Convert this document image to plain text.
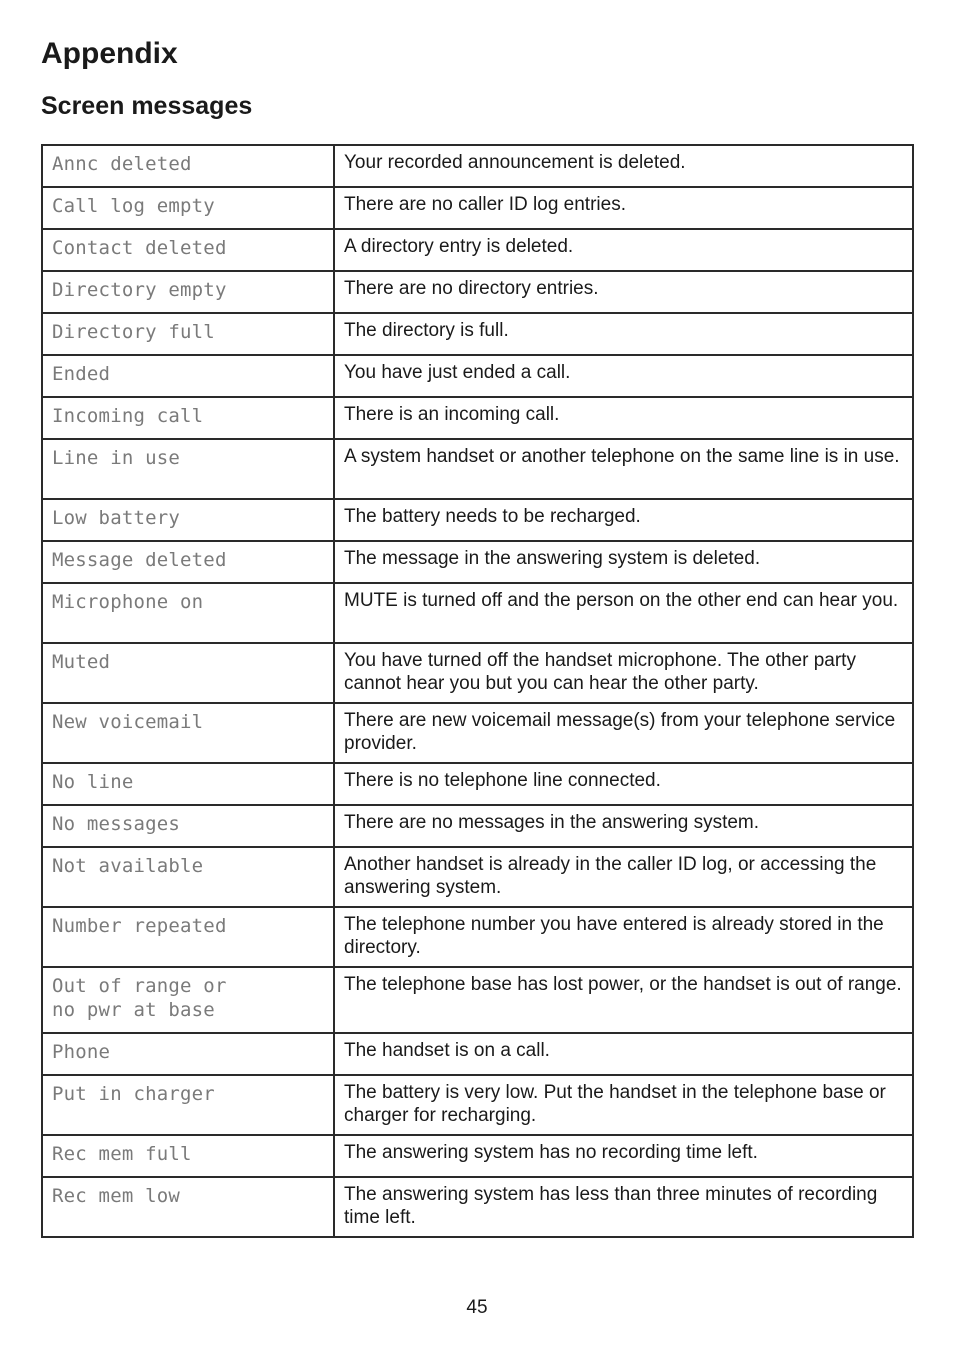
Appendix
Screen messages
Annc deleted	Your recorded announcement is deleted.
Call log empty	There are no caller ID log entries.
Contact deleted	A directory entry is deleted.
Directory empty	There are no directory entries.
Directory full	The directory is full.
Ended	You have just ended a call.
Incoming call	There is an incoming call.
Line in use	A system handset or another telephone on the same line is in use.
Low battery	The battery needs to be recharged.
Message deleted	The message in the answering system is deleted.
Microphone on	MUTE is turned off and the person on the other end can hear you.
Muted	You have turned off the handset microphone. The other party cannot hear you but you can hear the other party.
New voicemail	There are new voicemail message(s) from your telephone service provider.
No line	There is no telephone line connected.
No messages	There are no messages in the answering system.
Not available	Another handset is already in the caller ID log, or accessing the answering system.
Number repeated	The telephone number you have entered is already stored in the directory.
Out of range or
no pwr at base	The telephone base has lost power, or the handset is out of range.
Phone	The handset is on a call.
Put in charger	The battery is very low. Put the handset in the telephone base or charger for recharging.
Rec mem full	The answering system has no recording time left.
Rec mem low	The answering system has less than three minutes of recording time left.
45
